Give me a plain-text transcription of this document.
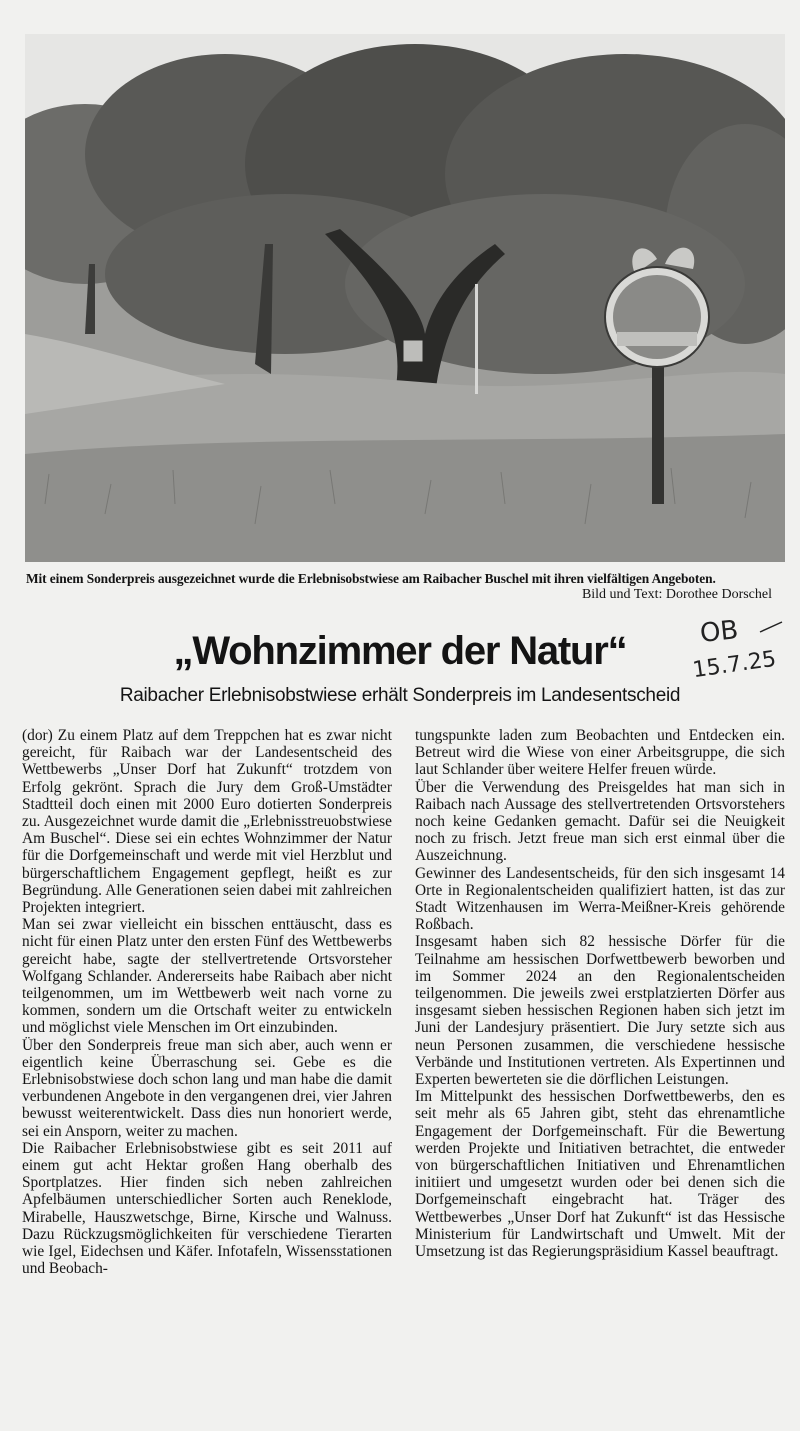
Mit einem Sonderpreis ausgezeichnet wurde die Erlebnisobstwiese am Raibacher Buschel mit ihren vielfältigen Angeboten.
Bild und Text: Dorothee Dorschel
„Wohnzimmer der Natur“	OB
15.7.25
Raibacher Erlebnisobstwiese erhält Sonderpreis im Landesentscheid

(dor) Zu einem Platz auf dem Treppchen hat es zwar nicht gereicht, für Raibach war der Landesentscheid des Wettbewerbs „Unser Dorf hat Zukunft“ trotzdem von Erfolg gekrönt. Sprach die Jury dem Groß-Umstädter Stadtteil doch einen mit 2000 Euro dotierten Sonderpreis zu. Ausgezeichnet wurde damit die „Erlebnisstreuobstwiese Am Buschel“. Diese sei ein echtes Wohnzimmer der Natur für die Dorfgemeinschaft und werde mit viel Herzblut und bürgerschaftlichem Engagement gepflegt, heißt es zur Begründung. Alle Generationen seien dabei mit zahlreichen Projekten integriert.

Man sei zwar vielleicht ein bisschen enttäuscht, dass es nicht für einen Platz unter den ersten Fünf des Wettbewerbs gereicht habe, sagte der stellvertretende Ortsvorsteher Wolfgang Schlander. Andererseits habe Raibach aber nicht teilgenommen, um im Wettbewerb weit nach vorne zu kommen, sondern um die Ortschaft weiter zu entwickeln und möglichst viele Menschen im Ort einzubinden.

Über den Sonderpreis freue man sich aber, auch wenn er eigentlich keine Überraschung sei. Gebe es die Erlebnisobstwiese doch schon lang und man habe die damit verbundenen Angebote in den vergangenen drei, vier Jahren bewusst weiterentwickelt. Dass dies nun honoriert werde, sei ein Ansporn, weiter zu machen.

Die Raibacher Erlebnisobstwiese gibt es seit 2011 auf einem gut acht Hektar großen Hang oberhalb des Sportplatzes. Hier finden sich neben zahlreichen Apfelbäumen unterschiedlicher Sorten auch Reneklode, Mirabelle, Hauszwetschge, Birne, Kirsche und Walnuss. Dazu Rückzugsmöglichkeiten für verschiedene Tierarten wie Igel, Eidechsen und Käfer. Infotafeln, Wissensstationen und Beobach-

tungspunkte laden zum Beobachten und Entdecken ein. Betreut wird die Wiese von einer Arbeitsgruppe, die sich laut Schlander über weitere Helfer freuen würde.

Über die Verwendung des Preisgeldes hat man sich in Raibach nach Aussage des stellvertretenden Ortsvorstehers noch keine Gedanken gemacht. Dafür sei die Neuigkeit noch zu frisch. Jetzt freue man sich erst einmal über die Auszeichnung.

Gewinner des Landesentscheids, für den sich insgesamt 14 Orte in Regionalentscheiden qualifiziert hatten, ist das zur Stadt Witzenhausen im Werra-Meißner-Kreis gehörende Roßbach.

Insgesamt haben sich 82 hessische Dörfer für die Teilnahme am hessischen Dorfwettbewerb beworben und im Sommer 2024 an den Regionalentscheiden teilgenommen. Die jeweils zwei erstplatzierten Dörfer aus insgesamt sieben hessischen Regionen haben sich jetzt im Juni der Landesjury präsentiert. Die Jury setzte sich aus neun Personen zusammen, die verschiedene hessische Verbände und Institutionen vertreten. Als Expertinnen und Experten bewerteten sie die dörflichen Leistungen.

Im Mittelpunkt des hessischen Dorfwettbewerbs, den es seit mehr als 65 Jahren gibt, steht das ehrenamtliche Engagement der Dorfgemeinschaft. Für die Bewertung werden Projekte und Initiativen betrachtet, die entweder von bürgerschaftlichen Initiativen und Ehrenamtlichen initiiert und umgesetzt wurden oder bei denen sich die Dorfgemeinschaft eingebracht hat. Träger des Wettbewerbes „Unser Dorf hat Zukunft“ ist das Hessische Ministerium für Landwirtschaft und Umwelt. Mit der Umsetzung ist das Regierungspräsidium Kassel beauftragt.
